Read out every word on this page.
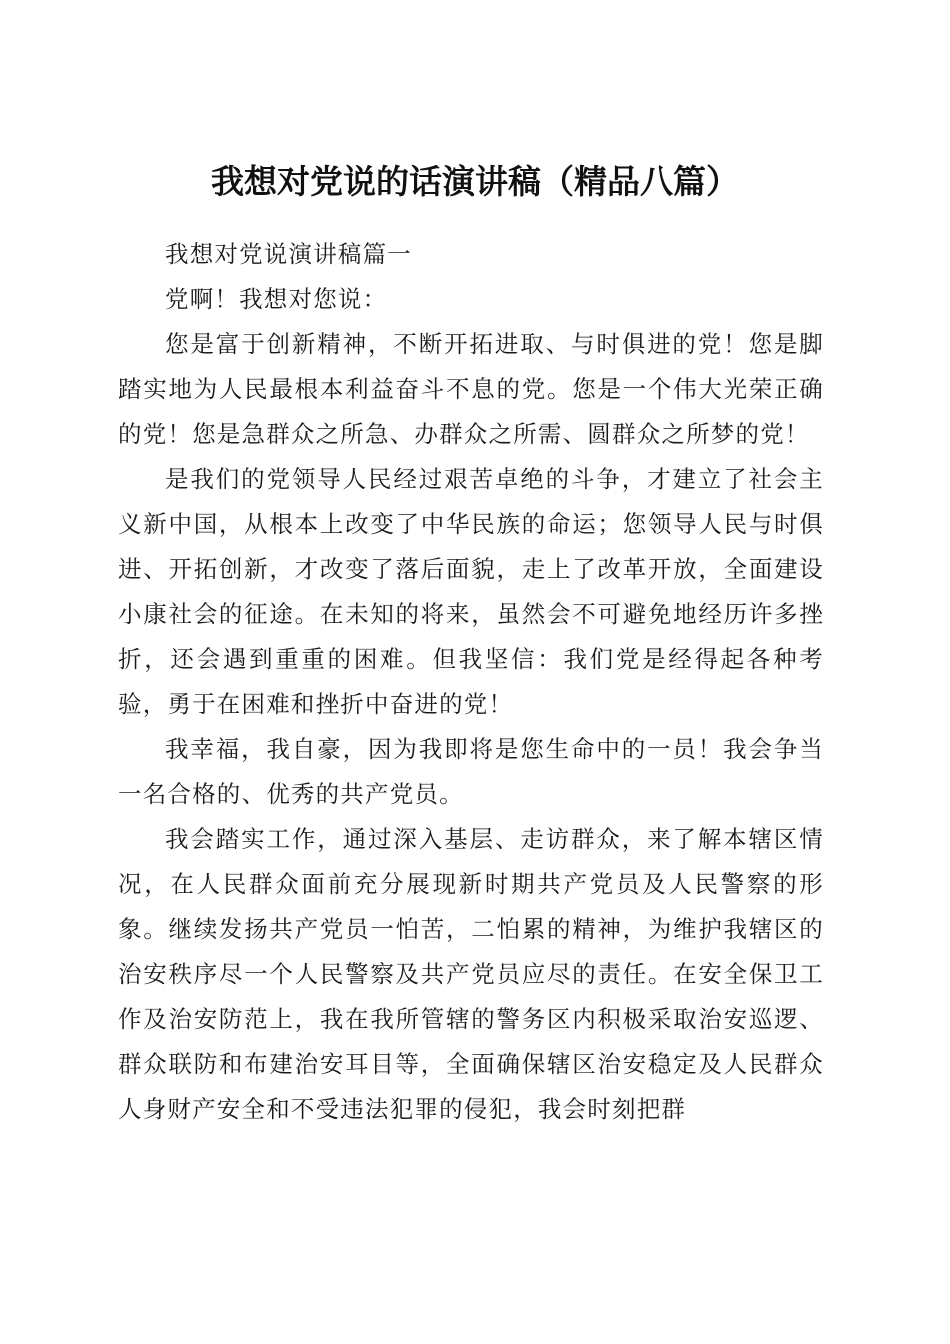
我想对党说的话演讲稿（精品八篇）

我想对党说演讲稿篇一

党啊！我想对您说：

您是富于创新精神，不断开拓进取、与时俱进的党！您是脚踏实地为人民最根本利益奋斗不息的党。您是一个伟大光荣正确的党！您是急群众之所急、办群众之所需、圆群众之所梦的党！

是我们的党领导人民经过艰苦卓绝的斗争，才建立了社会主义新中国，从根本上改变了中华民族的命运；您领导人民与时俱进、开拓创新，才改变了落后面貌，走上了改革开放，全面建设小康社会的征途。在未知的将来，虽然会不可避免地经历许多挫折，还会遇到重重的困难。但我坚信：我们党是经得起各种考验，勇于在困难和挫折中奋进的党！

我幸福，我自豪，因为我即将是您生命中的一员！我会争当一名合格的、优秀的共产党员。

我会踏实工作，通过深入基层、走访群众，来了解本辖区情况，在人民群众面前充分展现新时期共产党员及人民警察的形象。继续发扬共产党员一怕苦，二怕累的精神，为维护我辖区的治安秩序尽一个人民警察及共产党员应尽的责任。在安全保卫工作及治安防范上，我在我所管辖的警务区内积极采取治安巡逻、群众联防和布建治安耳目等，全面确保辖区治安稳定及人民群众人身财产安全和不受违法犯罪的侵犯，我会时刻把群
